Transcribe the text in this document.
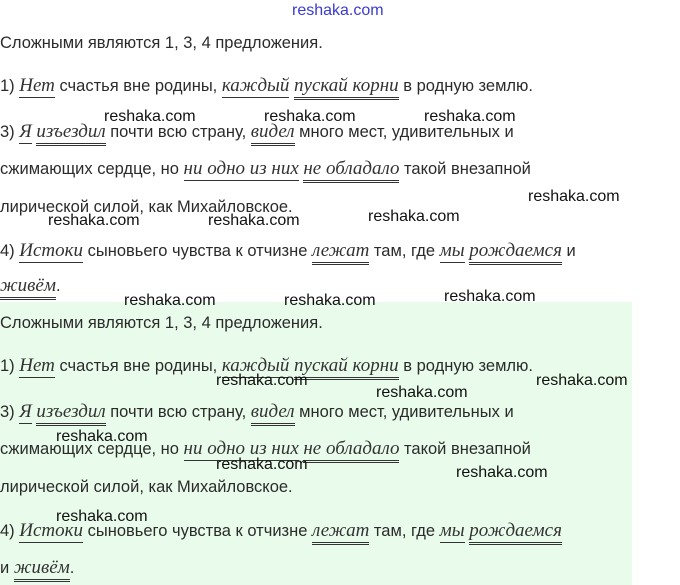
reshaka.com
Сложными являются 1, 3, 4 предложения.
1) Нет счастья вне родины, каждый пускай корни в родную землю.
3) Я изъездил почти всю страну, видел много мест, удивительных и
сжимающих сердце, но ни одно из них не обладало такой внезапной
лирической силой, как Михайловское.
4) Истоки сыновьего чувства к отчизне лежат там, где мы рождаемся и
живём.
Сложными являются 1, 3, 4 предложения.
1) Нет счастья вне родины, каждый пускай корни в родную землю.
3) Я изъездил почти всю страну, видел много мест, удивительных и
сжимающих сердце, но ни одно из них не обладало такой внезапной
лирической силой, как Михайловское.
4) Истоки сыновьего чувства к отчизне лежат там, где мы рождаемся
и живём.
reshaka.com	reshaka.com	reshaka.com
reshaka.com
reshaka.com
reshaka.com	reshaka.com
reshaka.com	reshaka.com	reshaka.com
reshaka.com	reshaka.com
reshaka.com
reshaka.com
reshaka.com	reshaka.com
reshaka.com
